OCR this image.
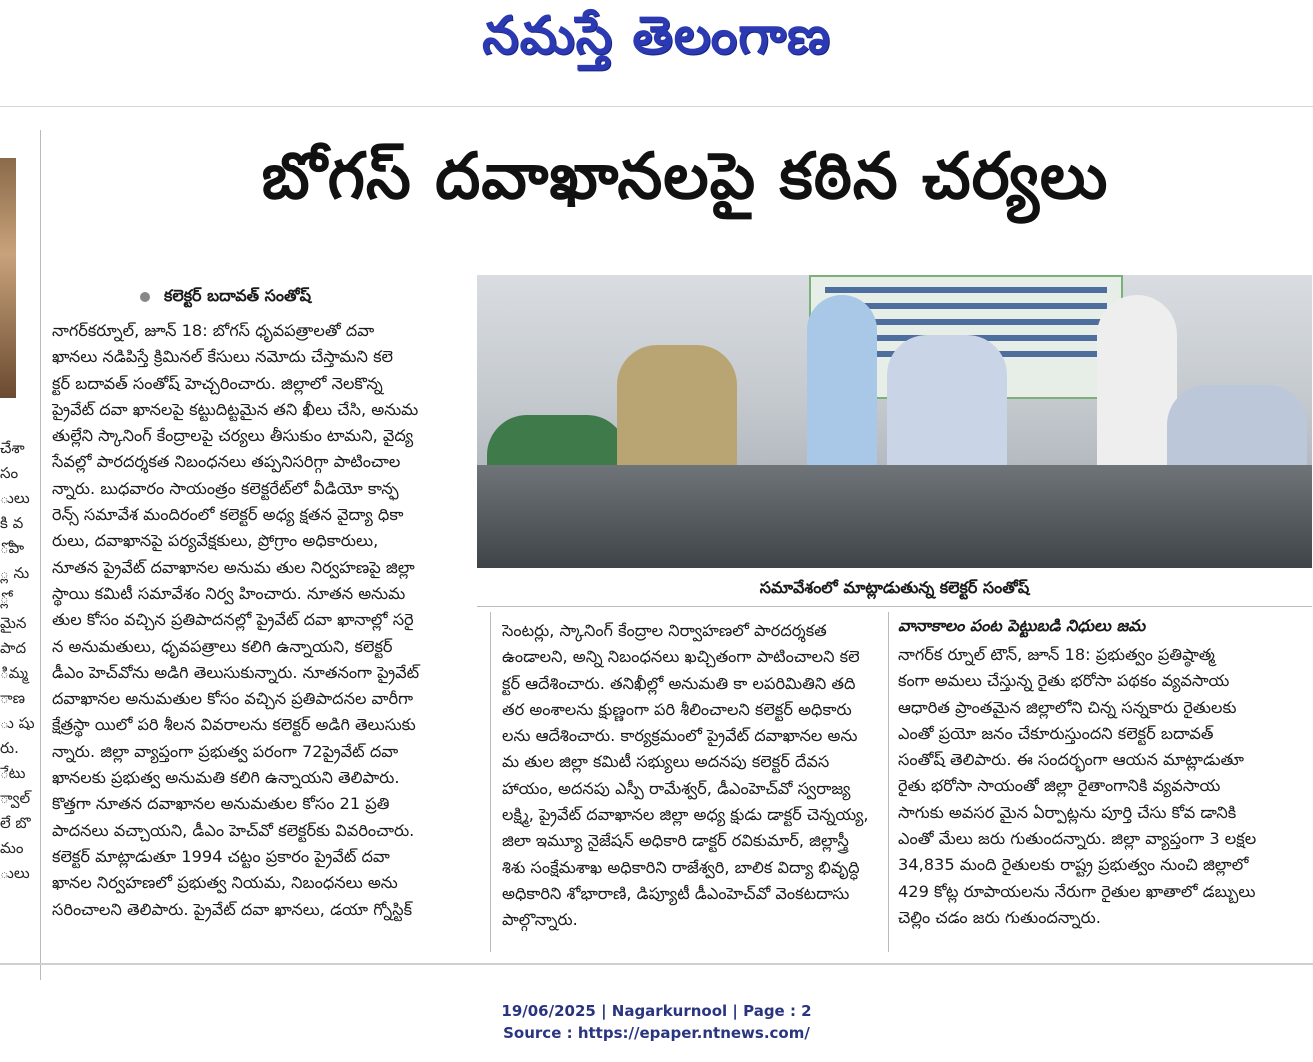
నమస్తే తెలంగాణ
చేశా
సం
ులు
కి వ
ోపా
్ల ను
్లో
మైన
పాద
ిమ్మ
ాణ
ు షు
రు.
ేటు
్వాల్
లే బొ
మం
ులు
బోగస్ దవాఖానలపై కఠిన చర్యలు
కలెక్టర్ బదావత్ సంతోష్
నాగర్‌కర్నూల్, జూన్ 18: బోగస్ ధృవపత్రాలతో దవా
ఖానలు నడిపిస్తే క్రిమినల్ కేసులు నమోదు చేస్తామని కలె
క్టర్ బదావత్ సంతోష్ హెచ్చరించారు. జిల్లాలో నెలకొన్న
ప్రైవేట్ దవా ఖానలపై కట్టుదిట్టమైన తని ఖీలు చేసి, అనుమ
తుల్లేని స్కానింగ్ కేంద్రాలపై చర్యలు తీసుకుం టామని, వైద్య
సేవల్లో పారదర్శకత నిబంధనలు తప్పనిసరిగ్గా పాటించాల
న్నారు. బుధవారం సాయంత్రం కలెక్టరేట్‌లో వీడియో కాన్ఫ
రెన్స్ సమావేశ మందిరంలో కలెక్టర్ అధ్య క్షతన వైద్యా ధికా
రులు, దవాఖానపై పర్యవేక్షకులు, ప్రోగ్రాం అధికారులు,
నూతన ప్రైవేట్ దవాఖానల అనుమ తుల నిర్వహణపై జిల్లా
స్థాయి కమిటీ సమావేశం నిర్వ హించారు. నూతన అనుమ
తుల కోసం వచ్చిన ప్రతిపాదనల్లో ప్రైవేట్ దవా ఖానాల్లో సరై
న అనుమతులు, ధృవపత్రాలు కలిగి ఉన్నాయని, కలెక్టర్
డీఎం హెచ్‌వోను అడిగి తెలుసుకున్నారు. నూతనంగా ప్రైవేట్
దవాఖానల అనుమతుల కోసం వచ్చిన ప్రతిపాదనల వారీగా
క్షేత్రస్థా యిలో పరి శీలన వివరాలను కలెక్టర్ అడిగి తెలుసుకు
న్నారు. జిల్లా వ్యాప్తంగా ప్రభుత్వ పరంగా 72ప్రైవేట్ దవా
ఖానలకు ప్రభుత్వ అనుమతి కలిగి ఉన్నాయని తెలిపారు.
కొత్తగా నూతన దవాఖానల అనుమతుల కోసం 21 ప్రతి
పాదనలు వచ్చాయని, డీఎం హెచ్‌వో కలెక్టర్‌కు వివరించారు.
కలెక్టర్ మాట్లాడుతూ 1994 చట్టం ప్రకారం ప్రైవేట్ దవా
ఖానల నిర్వహణలో ప్రభుత్వ నియమ, నిబంధనలు అను
సరించాలని తెలిపారు. ప్రైవేట్ దవా ఖానలు, డయా గ్నోస్టిక్
సమావేశంలో మాట్లాడుతున్న కలెక్టర్ సంతోష్
సెంటర్లు, స్కానింగ్ కేంద్రాల నిర్వాహణలో పారదర్శకత
ఉండాలని, అన్ని నిబంధనలు ఖచ్చితంగా పాటించాలని కలె
క్టర్ ఆదేశించారు. తనిఖీల్లో అనుమతి కా లపరిమితిని తది
తర అంశాలను క్షుణ్ణంగా పరి శీలించాలని కలెక్టర్ అధికారు
లను ఆదేశించారు. కార్యక్రమంలో ప్రైవేట్ దవాఖానల అను
మ తుల జిల్లా కమిటీ సభ్యులు అదనపు కలెక్టర్ దేవస
హాయం, అదనపు ఎస్పీ రామేశ్వర్, డీఎంహెచ్‌వో స్వరాజ్య
లక్ష్మి, ప్రైవేట్ దవాఖానల జిల్లా అధ్య క్షుడు డాక్టర్ చెన్నయ్య,
జిలా ఇమ్యూ నైజేషన్ అధికారి డాక్టర్ రవికుమార్, జిల్లాస్త్రీ
శిశు సంక్షేమశాఖ అధికారిని రాజేశ్వరి, బాలిక విద్యా భివృద్ధి
అధికారిని శోభారాణి, డిప్యూటీ డీఎంహెచ్‌వో వెంకటదాసు
పాల్గొన్నారు.
వానాకాలం పంట పెట్టుబడి నిధులు జమ
నాగర్‌క ర్నూల్ టౌన్, జూన్ 18: ప్రభుత్వం ప్రతిష్ఠాత్మ
కంగా అమలు చేస్తున్న రైతు భరోసా పథకం వ్యవసాయ
ఆధారిత ప్రాంతమైన జిల్లాలోని చిన్న సన్నకారు రైతులకు
ఎంతో ప్రయో జనం చేకూరుస్తుందని కలెక్టర్ బదావత్
సంతోష్ తెలిపారు. ఈ సందర్భంగా ఆయన మాట్లాడుతూ
రైతు భరోసా సాయంతో జిల్లా రైతాంగానికి వ్యవసాయ
సాగుకు అవసర మైన ఏర్పాట్లను పూర్తి చేసు కోవ డానికి
ఎంతో మేలు జరు గుతుందన్నారు. జిల్లా వ్యాప్తంగా 3 లక్షల
34,835 మంది రైతులకు రాష్ట్ర ప్రభుత్వం నుంచి జిల్లాలో
429 కోట్ల రూపాయలను నేరుగా రైతుల ఖాతాలో డబ్బులు
చెల్లిం చడం జరు గుతుందన్నారు.
19/06/2025 | Nagarkurnool | Page : 2
Source : https://epaper.ntnews.com/
